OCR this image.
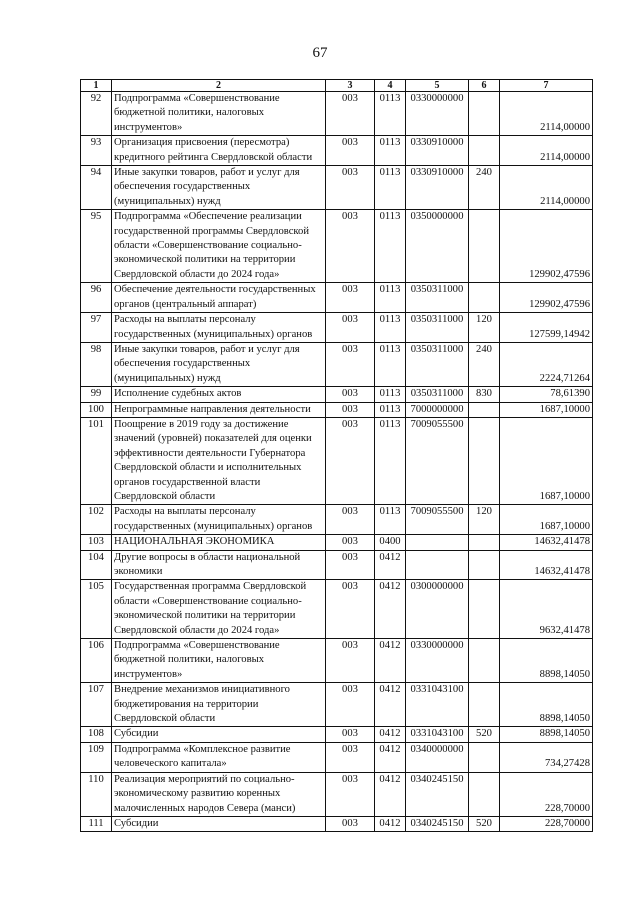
67
1	2	3	4	5	6	7
92	Подпрограмма «Совершенствование бюджетной политики, налоговых инструментов»	003	0113	0330000000		2114,00000
93	Организация присвоения (пересмотра) кредитного рейтинга Свердловской области	003	0113	0330910000		2114,00000
94	Иные закупки товаров, работ и услуг для обеспечения государственных (муниципальных) нужд	003	0113	0330910000	240	2114,00000
95	Подпрограмма «Обеспечение реализации государственной программы Свердловской области «Совершенствование социально-экономической политики на территории Свердловской области до 2024 года»	003	0113	0350000000		129902,47596
96	Обеспечение деятельности государственных органов (центральный аппарат)	003	0113	0350311000		129902,47596
97	Расходы на выплаты персоналу государственных (муниципальных) органов	003	0113	0350311000	120	127599,14942
98	Иные закупки товаров, работ и услуг для обеспечения государственных (муниципальных) нужд	003	0113	0350311000	240	2224,71264
99	Исполнение судебных актов	003	0113	0350311000	830	78,61390
100	Непрограммные направления деятельности	003	0113	7000000000		1687,10000
101	Поощрение в 2019 году за достижение значений (уровней) показателей для оценки эффективности деятельности Губернатора Свердловской области и исполнительных органов государственной власти Свердловской области	003	0113	7009055500		1687,10000
102	Расходы на выплаты персоналу государственных (муниципальных) органов	003	0113	7009055500	120	1687,10000
103	НАЦИОНАЛЬНАЯ ЭКОНОМИКА	003	0400			14632,41478
104	Другие вопросы в области национальной экономики	003	0412			14632,41478
105	Государственная программа Свердловской области «Совершенствование социально-экономической политики на территории Свердловской области до 2024 года»	003	0412	0300000000		9632,41478
106	Подпрограмма «Совершенствование бюджетной политики, налоговых инструментов»	003	0412	0330000000		8898,14050
107	Внедрение механизмов инициативного бюджетирования на территории Свердловской области	003	0412	0331043100		8898,14050
108	Субсидии	003	0412	0331043100	520	8898,14050
109	Подпрограмма «Комплексное развитие человеческого капитала»	003	0412	0340000000		734,27428
110	Реализация мероприятий по социально-экономическому развитию коренных малочисленных народов Севера (манси)	003	0412	0340245150		228,70000
111	Субсидии	003	0412	0340245150	520	228,70000
